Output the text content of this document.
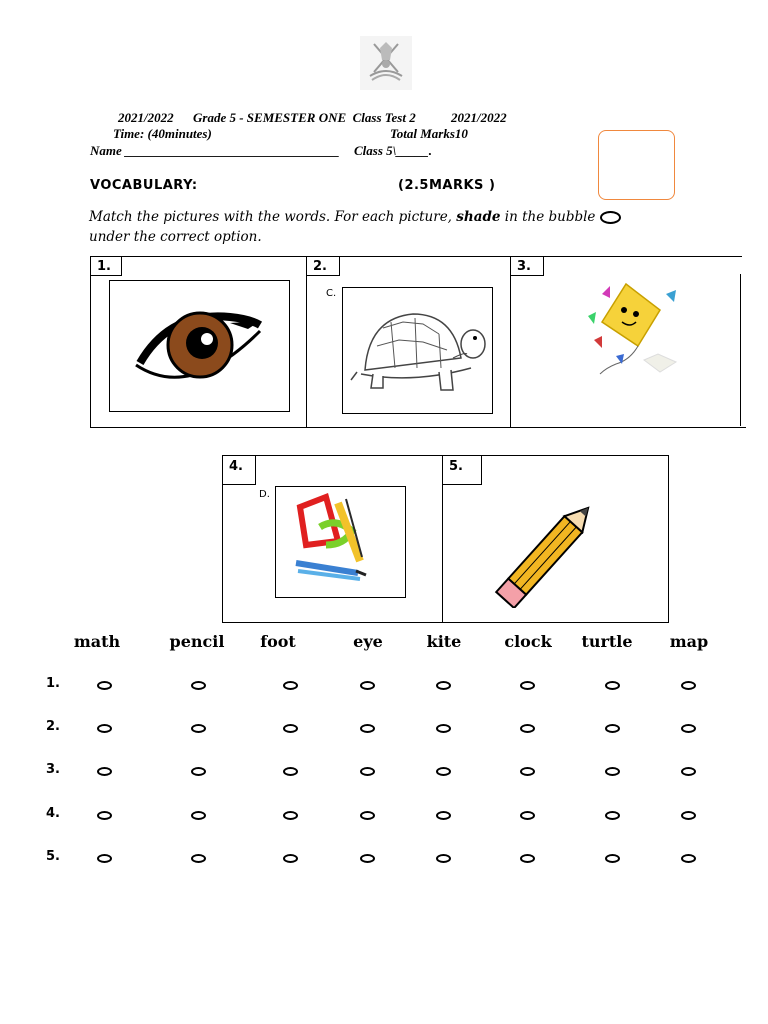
2021/2022 Grade 5 - SEMESTER ONE  Class Test 2	2021/2022
Time: (40minutes)	Total Marks10
Name _________________________________ Class 5\_____.
VOCABULARY:	(2.5MARKS )
Match the pictures with the words. For each picture, shade in the bubble
under the correct option.
1.	2.	3.
C.
4.	5.
D.
math	pencil	foot	eye	kite	clock	turtle	map
1.
2.
3.
4.
5.
